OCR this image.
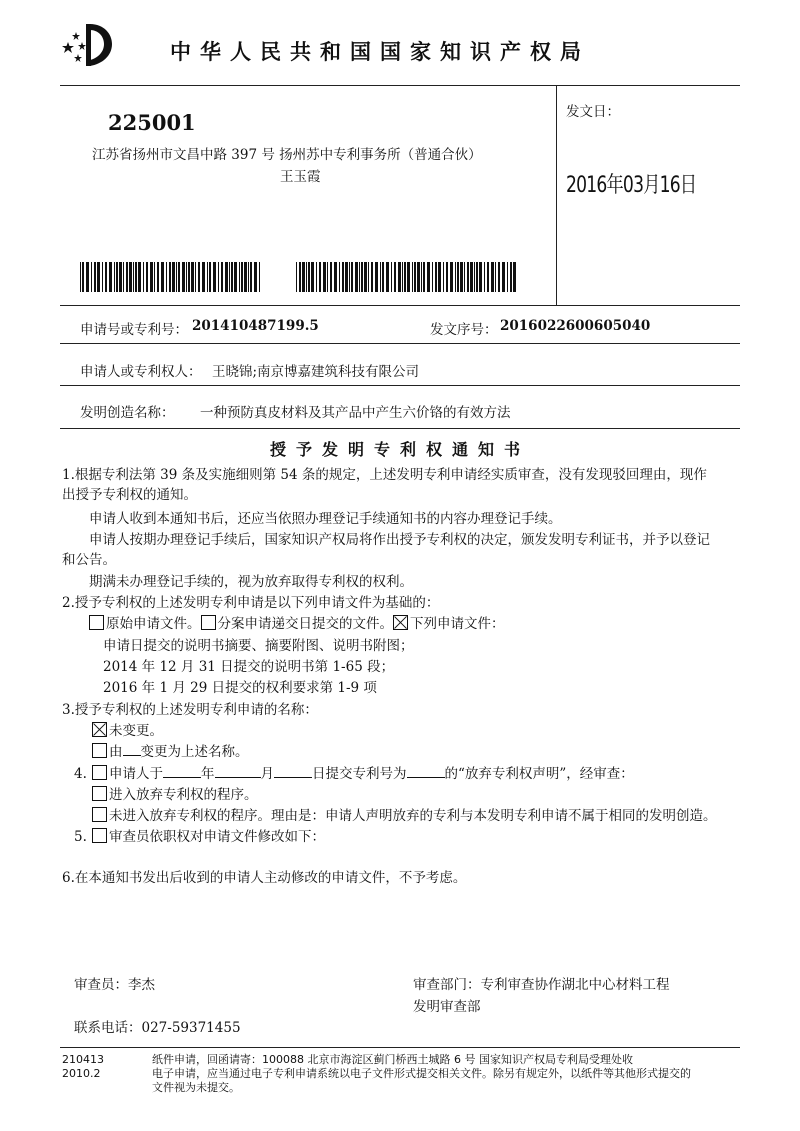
中华人民共和国国家知识产权局
225001
江苏省扬州市文昌中路 397 号 扬州苏中专利事务所（普通合伙）
王玉霞
发文日：
2016年03月16日
申请号或专利号： 201410487199.5	发文序号： 2016022600605040
申请人或专利权人： 王晓锦;南京博嘉建筑科技有限公司
发明创造名称： 一种预防真皮材料及其产品中产生六价铬的有效方法
授予发明专利权通知书
1.根据专利法第 39 条及实施细则第 54 条的规定，上述发明专利申请经实质审查，没有发现驳回理由，现作
出授予专利权的通知。
申请人收到本通知书后，还应当依照办理登记手续通知书的内容办理登记手续。
申请人按期办理登记手续后，国家知识产权局将作出授予专利权的决定，颁发发明专利证书，并予以登记
和公告。
期满未办理登记手续的，视为放弃取得专利权的权利。
2.授予专利权的上述发明专利申请是以下列申请文件为基础的：
原始申请文件。 分案申请递交日提交的文件。 下列申请文件：
申请日提交的说明书摘要、摘要附图、说明书附图；
2014 年 12 月 31 日提交的说明书第 1-65 段；
2016 年 1 月 29 日提交的权利要求第 1-9 项
3.授予专利权的上述发明专利申请的名称：
未变更。
由 变更为上述名称。
4.	申请人于	年	月	日提交专利号为	的“放弃专利权声明”，经审查：
进入放弃专利权的程序。
未进入放弃专利权的程序。理由是：申请人声明放弃的专利与本发明专利申请不属于相同的发明创造。
5.	审查员依职权对申请文件修改如下：
6.在本通知书发出后收到的申请人主动修改的申请文件，不予考虑。
审查员：李杰	审查部门：专利审查协作湖北中心材料工程
发明审查部
联系电话：027-59371455
210413
2010.2
纸件申请，回函请寄：100088 北京市海淀区蓟门桥西土城路 6 号 国家知识产权局专利局受理处收
电子申请，应当通过电子专利申请系统以电子文件形式提交相关文件。除另有规定外，以纸件等其他形式提交的
文件视为未提交。
